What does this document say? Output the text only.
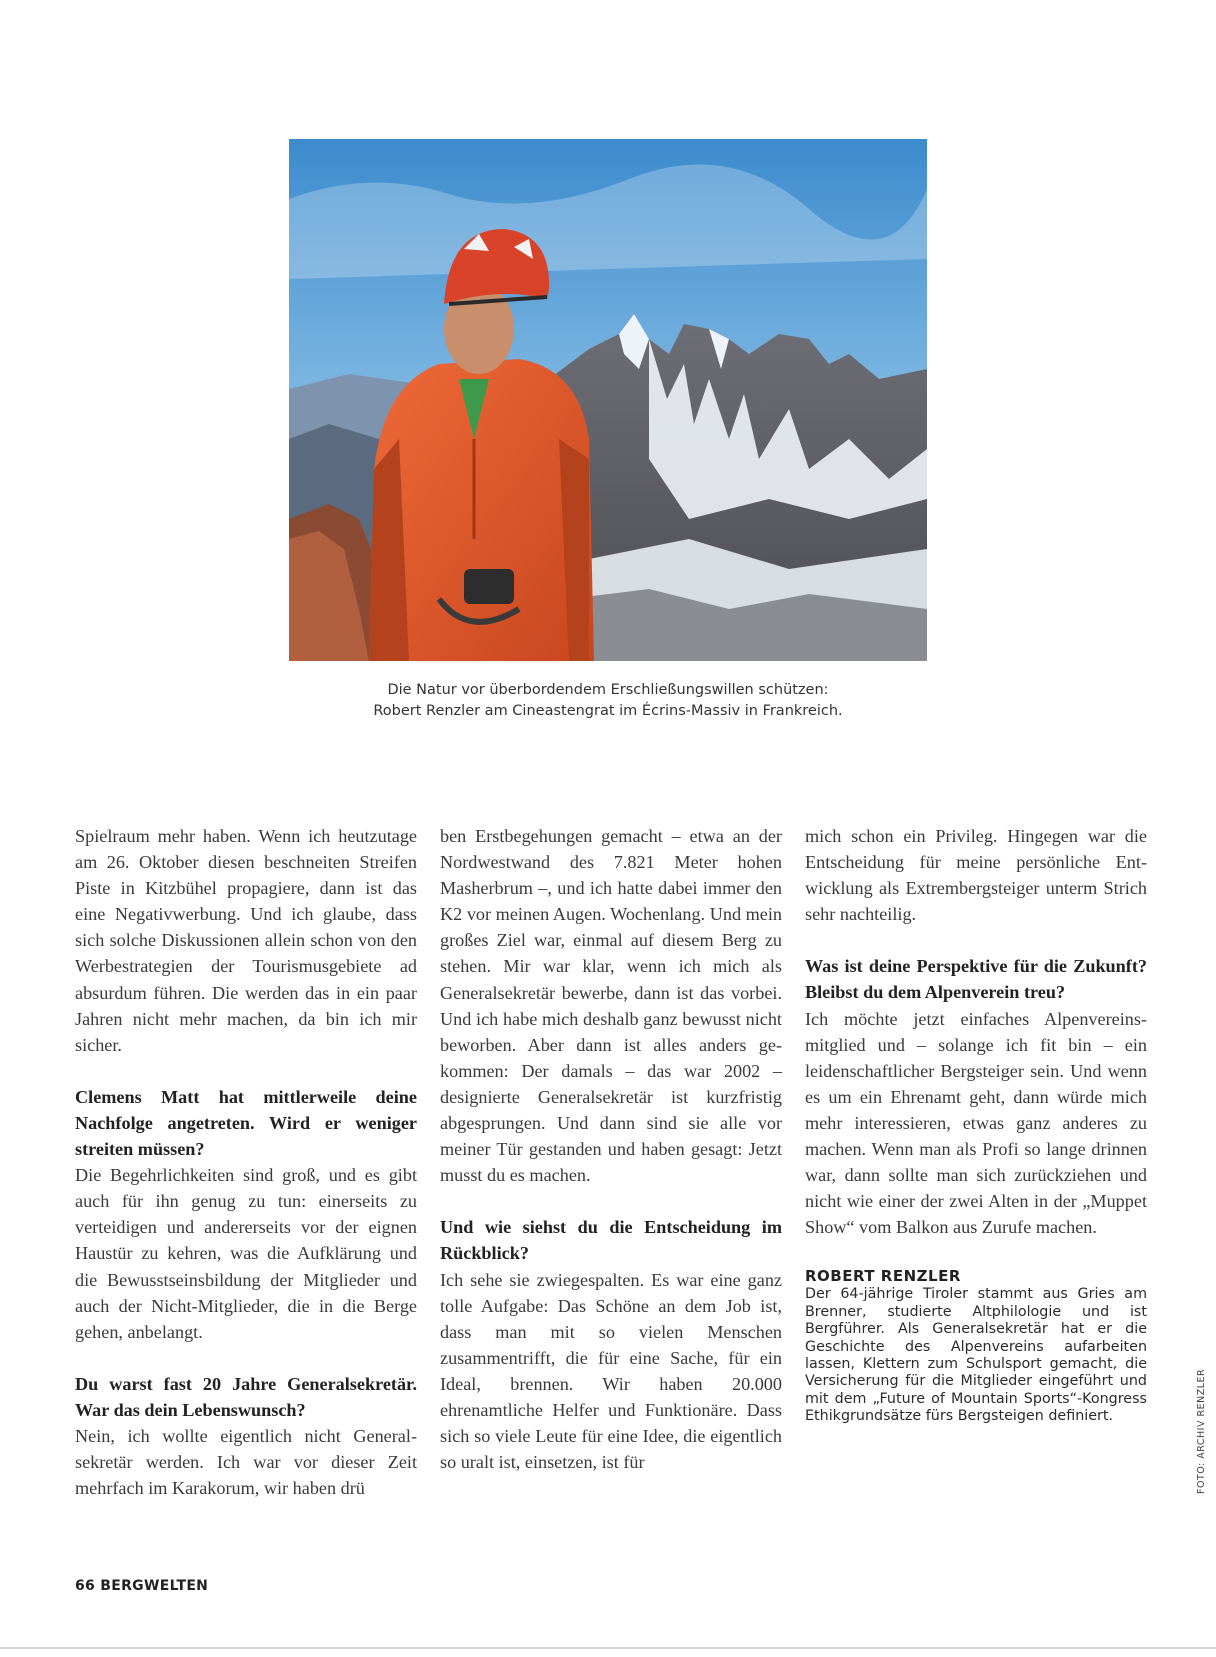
Die Natur vor überbordendem Erschließungswillen schützen:
Robert Renzler am Cineastengrat im Écrins-Massiv in Frankreich.

Spielraum mehr haben. Wenn ich heutzutage am 26. Oktober diesen beschneiten Streifen Piste in Kitzbühel propagiere, dann ist das eine Negativwerbung. Und ich glaube, dass sich solche Diskussionen allein schon von den Werbestrategien der Tourismusgebiete ad absurdum führen. Die werden das in ein paar Jahren nicht mehr machen, da bin ich mir sicher.

Clemens Matt hat mittlerweile deine Nachfolge angetreten. Wird er weniger streiten müssen?

Die Begehrlichkeiten sind groß, und es gibt auch für ihn genug zu tun: einerseits zu verteidigen und andererseits vor der eignen Haustür zu kehren, was die Aufklärung und die Bewusstseinsbildung der Mitglieder und auch der Nicht-Mitglieder, die in die Berge gehen, anbelangt.

Du warst fast 20 Jahre Generalsekretär. War das dein Lebenswunsch?

Nein, ich wollte eigentlich nicht Generalsekretär werden. Ich war vor dieser Zeit mehrfach im Karakorum, wir haben drü

ben Erstbegehungen gemacht – etwa an der Nordwestwand des 7.821 Meter hohen Masherbrum –, und ich hatte dabei immer den K2 vor meinen Augen. Wochenlang. Und mein großes Ziel war, einmal auf diesem Berg zu stehen. Mir war klar, wenn ich mich als Generalsekretär bewerbe, dann ist das vorbei. Und ich habe mich deshalb ganz bewusst nicht beworben. Aber dann ist alles anders gekommen: Der damals – das war 2002 – designierte Generalsekretär ist kurzfristig abgesprungen. Und dann sind sie alle vor meiner Tür gestanden und haben gesagt: Jetzt musst du es machen.

Und wie siehst du die Entscheidung im Rückblick?

Ich sehe sie zwiegespalten. Es war eine ganz tolle Aufgabe: Das Schöne an dem Job ist, dass man mit so vielen Menschen zusammentrifft, die für eine Sache, für ein Ideal, brennen. Wir haben 20.000 ehrenamtliche Helfer und Funktionäre. Dass sich so viele Leute für eine Idee, die eigentlich so uralt ist, einsetzen, ist für

mich schon ein Privileg. Hingegen war die Entscheidung für meine persönliche Entwicklung als Extrembergsteiger unterm Strich sehr nachteilig.

Was ist deine Perspektive für die Zukunft? Bleibst du dem Alpenverein treu?

Ich möchte jetzt einfaches Alpenvereinsmitglied und – solange ich fit bin – ein leidenschaftlicher Bergsteiger sein. Und wenn es um ein Ehrenamt geht, dann würde mich mehr interessieren, etwas ganz anderes zu machen. Wenn man als Profi so lange drinnen war, dann sollte man sich zurückziehen und nicht wie einer der zwei Alten in der „Muppet Show“ vom Balkon aus Zurufe machen.

ROBERT RENZLER

Der 64-jährige Tiroler stammt aus Gries am Brenner, studierte Altphilologie und ist Bergführer. Als Generalsekretär hat er die Geschichte des Alpenvereins aufarbeiten lassen, Klettern zum Schulsport gemacht, die Versicherung für die Mitglieder eingeführt und mit dem „Future of Mountain Sports“-Kongress Ethikgrundsätze fürs Bergsteigen definiert.	FOTO: ARCHIV RENZLER
66 BERGWELTEN
